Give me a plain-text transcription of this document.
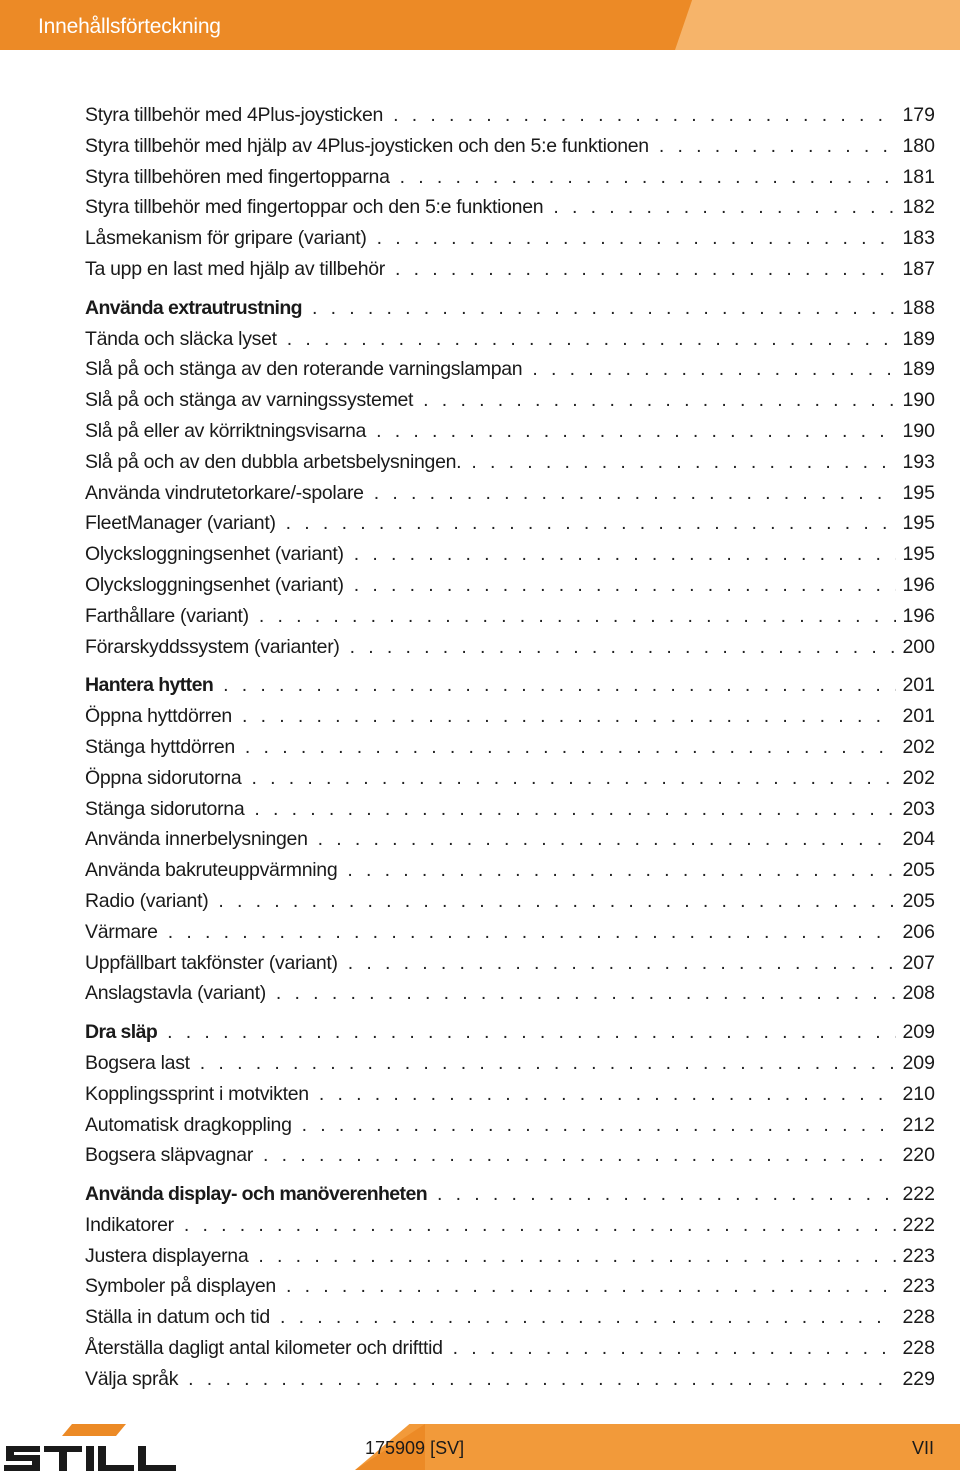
Innehållsförteckning
Styra tillbehör med 4Plus-joysticken . . .	179
Styra tillbehör med hjälp av 4Plus-joysticken och den 5:e funktionen . . .	180
Styra tillbehören med fingertopparna . . .	181
Styra tillbehör med fingertoppar och den 5:e funktionen . . .	182
Låsmekanism för gripare (variant) . . .	183
Ta upp en last med hjälp av tillbehör . . .	187
Använda extrautrustning . . .	188
Tända och släcka lyset . . .	189
Slå på och stänga av den roterande varningslampan . . .	189
Slå på och stänga av varningssystemet . . .	190
Slå på eller av körriktningsvisarna . . .	190
Slå på och av den dubbla arbetsbelysningen. . . .	193
Använda vindrutetorkare/-spolare . . .	195
FleetManager (variant) . . .	195
Olycksloggningsenhet (variant) . . .	195
Olycksloggningsenhet (variant) . . .	196
Farthållare (variant) . . .	196
Förarskyddssystem (varianter) . . .	200
Hantera hytten . . .	201
Öppna hyttdörren . . .	201
Stänga hyttdörren . . .	202
Öppna sidorutorna . . .	202
Stänga sidorutorna . . .	203
Använda innerbelysningen . . .	204
Använda bakruteuppvärmning . . .	205
Radio (variant) . . .	205
Värmare . . .	206
Uppfällbart takfönster (variant) . . .	207
Anslagstavla (variant) . . .	208
Dra släp . . .	209
Bogsera last . . .	209
Kopplingssprint i motvikten . . .	210
Automatisk dragkoppling . . .	212
Bogsera släpvagnar . . .	220
Använda display- och manöverenheten . . .	222
Indikatorer . . .	222
Justera displayerna . . .	223
Symboler på displayen . . .	223
Ställa in datum och tid . . .	228
Återställa dagligt antal kilometer och drifttid . . .	228
Välja språk . . .	229
175909 [SV]	VII
